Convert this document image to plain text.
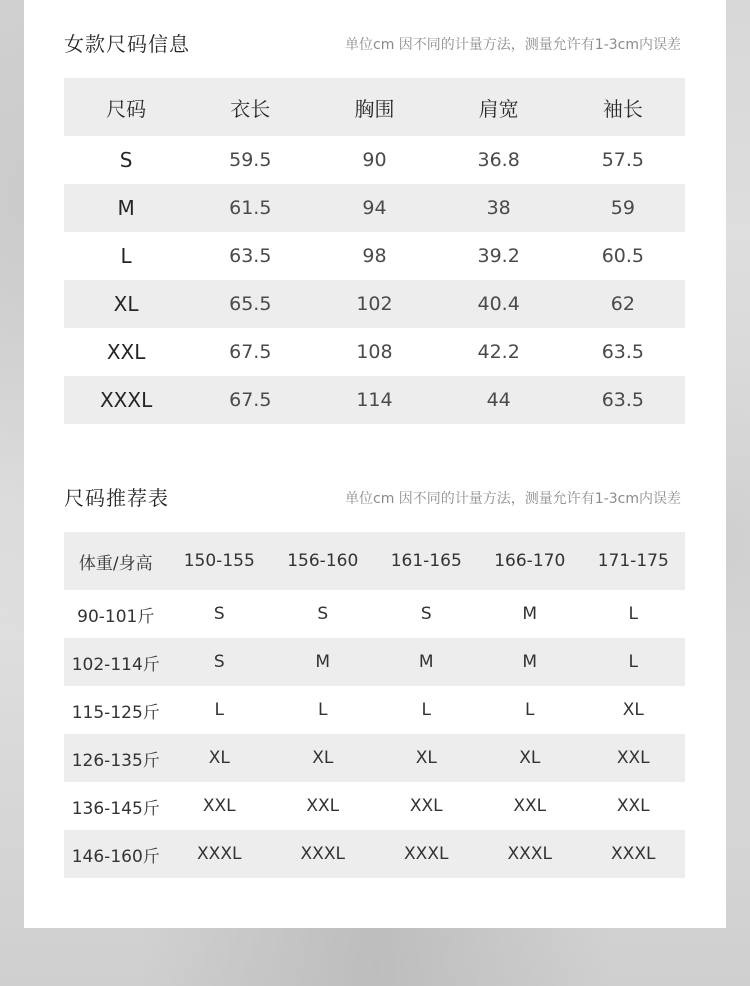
女款尺码信息	单位cm 因不同的计量方法，测量允许有1-3cm内误差
尺码	衣长	胸围	肩宽	袖长
S	59.5	90	36.8	57.5
M	61.5	94	38	59
L	63.5	98	39.2	60.5
XL	65.5	102	40.4	62
XXL	67.5	108	42.2	63.5
XXXL	67.5	114	44	63.5
尺码推荐表	单位cm 因不同的计量方法，测量允许有1-3cm内误差
体重/身高	150-155	156-160	161-165	166-170	171-175
90-101斤	S	S	S	M	L
102-114斤	S	M	M	M	L
115-125斤	L	L	L	L	XL
126-135斤	XL	XL	XL	XL	XXL
136-145斤	XXL	XXL	XXL	XXL	XXL
146-160斤	XXXL	XXXL	XXXL	XXXL	XXXL
